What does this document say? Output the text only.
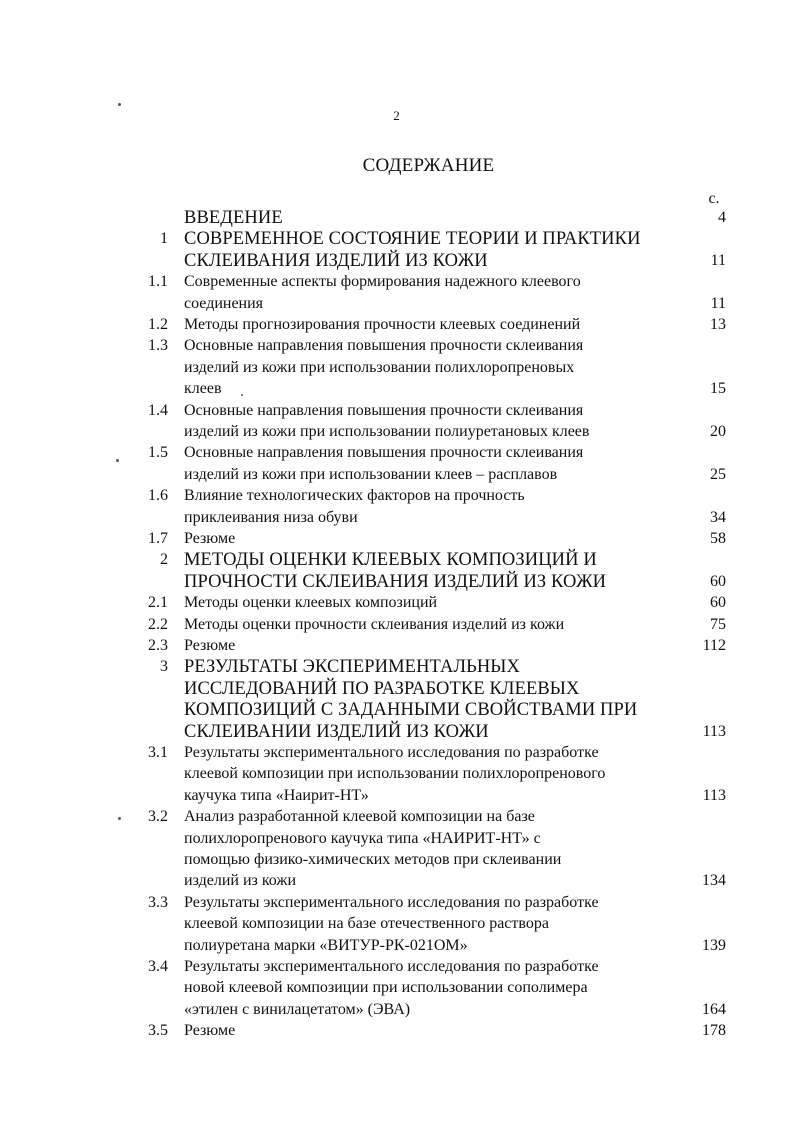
2
СОДЕРЖАНИЕ
с.
ВВЕДЕНИЕ	4
1 СОВРЕМЕННОЕ СОСТОЯНИЕ ТЕОРИИ И ПРАКТИКИ
СКЛЕИВАНИЯ ИЗДЕЛИЙ ИЗ КОЖИ	11
1.1 Современные аспекты формирования надежного клеевого
соединения	11
1.2 Методы прогнозирования прочности клеевых соединений	13
1.3 Основные направления повышения прочности склеивания
изделий из кожи при использовании полихлоропреновых
клеев	15
1.4 Основные направления повышения прочности склеивания
изделий из кожи при использовании полиуретановых клеев	20
1.5 Основные направления повышения прочности склеивания
изделий из кожи при использовании клеев – расплавов	25
1.6 Влияние технологических факторов на прочность
приклеивания низа обуви	34
1.7 Резюме	58
2 МЕТОДЫ ОЦЕНКИ КЛЕЕВЫХ КОМПОЗИЦИЙ И
ПРОЧНОСТИ СКЛЕИВАНИЯ ИЗДЕЛИЙ ИЗ КОЖИ	60
2.1 Методы оценки клеевых композиций	60
2.2 Методы оценки прочности склеивания изделий из кожи	75
2.3 Резюме	112
3 РЕЗУЛЬТАТЫ ЭКСПЕРИМЕНТАЛЬНЫХ
ИССЛЕДОВАНИЙ ПО РАЗРАБОТКЕ КЛЕЕВЫХ
КОМПОЗИЦИЙ С ЗАДАННЫМИ СВОЙСТВАМИ ПРИ
СКЛЕИВАНИИ ИЗДЕЛИЙ ИЗ КОЖИ	113
3.1 Результаты экспериментального исследования по разработке
клеевой композиции при использовании полихлоропренового
каучука типа «Наирит-НТ»	113
3.2 Анализ разработанной клеевой композиции на базе
полихлоропренового каучука типа «НАИРИТ-НТ» с
помощью физико-химических методов при склеивании
изделий из кожи	134
3.3 Результаты экспериментального исследования по разработке
клеевой композиции на базе отечественного раствора
полиуретана марки «ВИТУР-РК-021ОМ»	139
3.4 Результаты экспериментального исследования по разработке
новой клеевой композиции при использовании сополимера
«этилен с винилацетатом» (ЭВА)	164
3.5 Резюме	178
